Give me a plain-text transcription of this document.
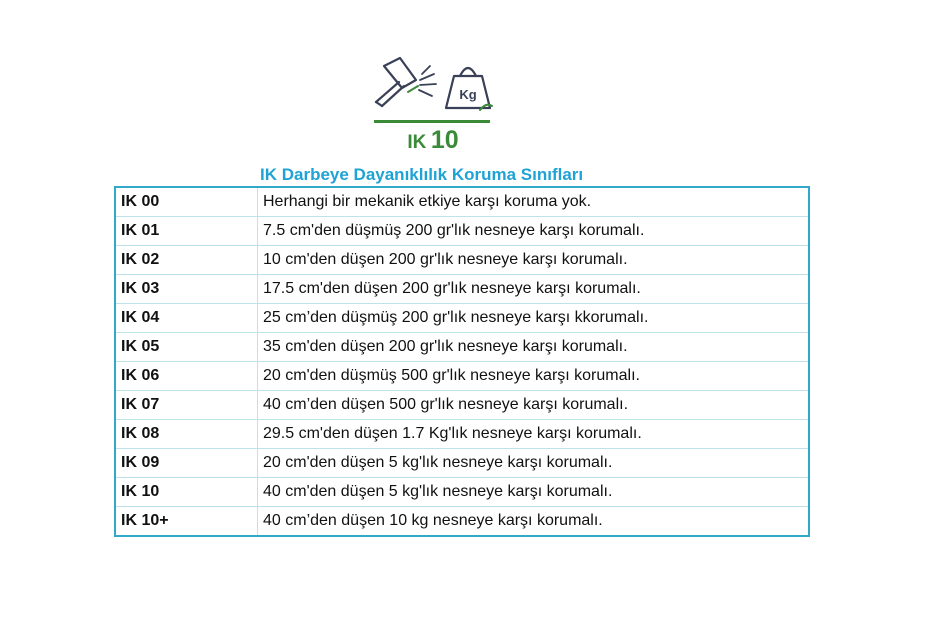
Kg
IK 10
IK Darbeye Dayanıklılık Koruma Sınıfları
IK 00	Herhangi bir mekanik etkiye karşı koruma yok.
IK 01	7.5 cm'den düşmüş 200 gr'lık nesneye karşı korumalı.
IK 02	10 cm'den düşen 200 gr'lık nesneye karşı korumalı.
IK 03	17.5 cm'den düşen 200 gr'lık nesneye karşı korumalı.
IK 04	25 cm’den düşmüş 200 gr'lık nesneye karşı kkorumalı.
IK 05	35 cm'den düşen 200 gr'lık nesneye karşı korumalı.
IK 06	20 cm'den düşmüş 500 gr'lık nesneye karşı korumalı.
IK 07	40 cm’den düşen 500 gr'lık nesneye karşı korumalı.
IK 08	29.5 cm'den düşen 1.7 Kg'lık nesneye karşı korumalı.
IK 09	20 cm'den düşen 5 kg'lık nesneye karşı korumalı.
IK 10	40 cm'den düşen 5 kg'lık nesneye karşı korumalı.
IK 10+	40 cm’den düşen 10 kg nesneye karşı korumalı.
